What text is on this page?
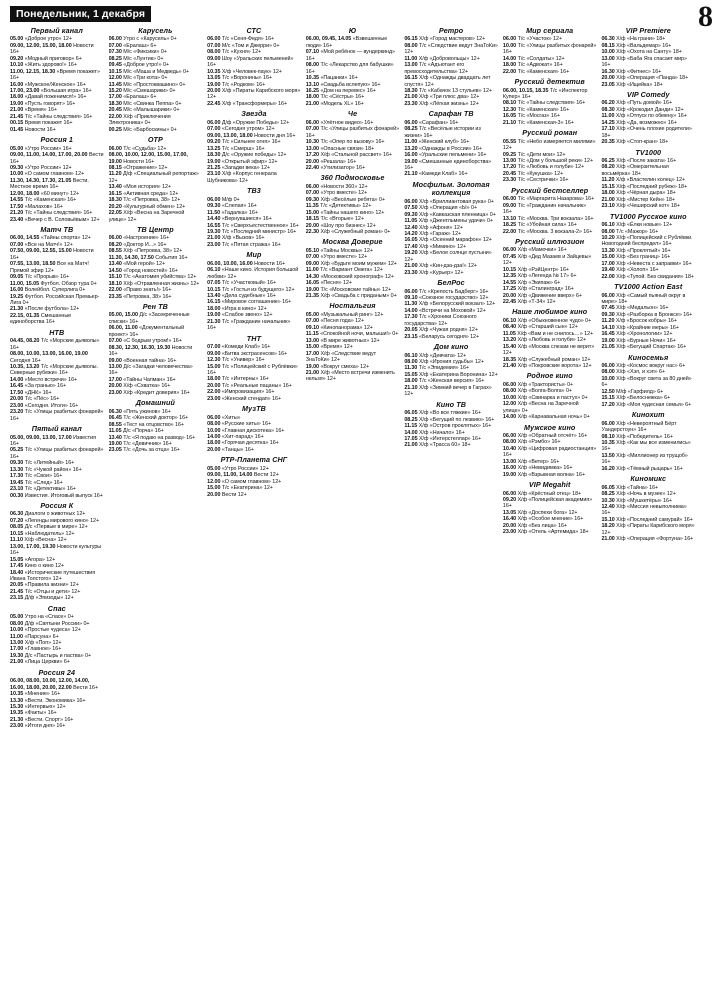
Понедельник, 1 декабря	8
Первый канал
05.00 «Доброе утро» 12+
09.00, 12.00, 15.00, 18.00 Новости 16+
09.20 «Модный приговор» 6+
10.10 «Жить здорово!» 16+
11.00, 12.15, 18.30 «Время покажет» 16+
16.00 «Мужское/Женское» 16+
17.00, 23.00 «Большая игра» 16+
18.00 «Давай поженимся!» 16+
19.00 «Пусть говорят» 16+
21.00 «Время» 16+
21.45 Т/с «Тайны следствия» 16+
00.15 Время покажет 16+
01.45 Новости 16+
Россия 1
05.00 «Утро России» 16+
09.00, 11.00, 14.00, 17.00, 20.00 Вести 16+
09.30 «Утро России» 12+
10.00 «О самом главном» 12+
11.30, 14.30, 17.30, 21.05 Вести. Местное время 16+
12.00, 18.00 «60 минут» 12+
14.55 Т/с «Каменская» 16+
17.50 «Малахов» 16+
21.20 Т/с «Тайны следствия» 16+
23.40 «Вечер с В. Соловьёвым» 12+
Матч ТВ
06.00, 14.55 «Тайны спорта» 12+
07.00 «Все на Матч!» 12+
07.50, 09.00, 12.55, 15.00 Новости 16+
07.55, 13.00, 18.50 Все на Матч! Прямой эфир 12+
09.05 Т/с «Прорыв» 16+
11.00, 15.05 Футбол. Обзор тура 0+
16.00 Волейбол. Суперлига 0+
19.25 Футбол. Российская Премьер-Лига 0+
21.30 «После футбола» 12+
22.15, 01.35 Смешанные единоборства 16+
НТВ
04.45, 08.20 Т/с «Морские дьяволы» 16+
08.00, 10.00, 13.00, 16.00, 19.00 Сегодня 16+
10.35, 13.20 Т/с «Морские дьяволы. Северные рубежи» 16+
14.00 «Место встречи» 16+
16.45 «За гранью» 16+
17.50 «ДНК» 16+
20.00 Т/с «Пёс» 16+
23.00 «Сегодня. Итоги» 16+
23.20 Т/с «Улицы разбитых фонарей» 16+
Пятый канал
05.00, 09.00, 13.00, 17.00 Известия 16+
05.25 Т/с «Улицы разбитых фонарей» 16+
09.30 Т/с «Литейный» 16+
13.30 Т/с «Чужой район» 16+
17.30 Т/с «Свои» 16+
19.45 Т/с «След» 16+
23.10 Т/с «Детективы» 16+
00.30 Известия. Итоговый выпуск 16+
Россия К
06.30 Диалоги о животных 12+
07.20 «Легенды мирового кино» 12+
08.05 Д/с «Первые в мире» 12+
10.15 «Наблюдатель» 12+
11.10 Х/ф «Весна» 12+
13.00, 17.00, 19.30 Новости культуры 16+
15.05 «Агора» 12+
17.45 Кино о кино 12+
18.40 «Исторические путешествия Ивана Толстого» 12+
20.05 «Правила жизни» 12+
21.45 Т/с «Отцы и дети» 12+
23.15 Д/ф «Эпизоды» 12+
Спас
05.00 Утро на «Спасе» 0+
08.00 Д/ф «Святыни России» 0+
10.00 «Простые чудеса» 12+
11.00 «Парсуна» 6+
13.00 Х/ф «Поп» 12+
17.00 «Главное» 16+
19.30 Д/с «Пастырь и паства» 0+
21.00 «Лица Церкви» 6+
Россия 24
06.00, 08.00, 10.00, 12.00, 14.00, 16.00, 18.00, 20.00, 22.00 Вести 16+
10.35 «Мнение» 16+
13.30 «Вести. Экономика» 16+
15.30 «Интервью» 12+
19.35 «Факты» 16+
21.30 «Вести. Спорт» 16+
23.00 «Итоги дня» 16+
Карусель
06.00 Утро с «Карусель» 0+
07.00 «Ералаш» 6+
07.30 М/с «Фиксики» 0+
08.25 М/с «Лунтик» 0+
09.45 «Доброе утро!» 0+
10.15 М/с «Маша и Медведь» 0+
12.00 М/с «Три кота» 0+
13.45 М/с «Простоквашино» 0+
15.20 М/с «Смешарики» 0+
17.00 «Ералаш» 6+
18.30 М/с «Свинка Пеппа» 0+
20.45 М/с «Малышарики» 0+
22.00 Х/ф «Приключения Электроника» 0+
00.25 М/с «Барбоскины» 0+
ОТР
06.00 Т/с «Судьба» 12+
08.00, 10.00, 12.00, 15.00, 17.00, 19.00 Новости 16+
08.15 «Отражение» 12+
11.20 Д/ф «Специальный репортаж» 12+
13.40 «Моя история» 12+
16.15 «Активная среда» 12+
18.30 Т/с «Петровка, 38» 12+
20.20 «Культурный обмен» 12+
22.05 Х/ф «Весна на Заречной улице» 12+
ТВ Центр
06.00 «Настроение» 16+
08.20 «Доктор И...» 16+
08.55 Х/ф «Петровка, 38» 12+
11.30, 14.30, 17.50 События 16+
13.40 «Мой герой» 12+
14.50 «Город новостей» 16+
15.10 Т/с «Анатомия убийства» 12+
18.10 Х/ф «Отравленная жизнь» 12+
22.00 «Право знать!» 16+
23.35 «Петровка, 38» 16+
Рен ТВ
05.00, 15.00 Д/с «Засекреченные списки» 16+
06.00, 11.00 «Документальный проект» 16+
07.00 «С бодрым утром!» 16+
08.30, 12.30, 16.30, 19.30 Новости 16+
09.00 «Военная тайна» 16+
13.00 Д/с «Загадки человечества» 16+
17.00 «Тайны Чапман» 16+
20.00 Х/ф «Схватка» 16+
23.00 Х/ф «Кредит доверия» 16+
Домашний
06.30 «Пять ужинов» 16+
06.45 Т/с «Женский доктор» 16+
08.55 «Тест на отцовство» 16+
11.05 Д/с «Порча» 16+
13.40 Т/с «Я подаю на развод» 16+
19.00 Т/с «Девичник» 16+
23.05 Т/с «Дочь за отца» 16+
СТС
06.00 Т/с «Сеня-Федя» 16+
07.00 М/с «Том и Джерри» 0+
08.00 Т/с «Кухня» 12+
09.00 Шоу «Уральских пельменей» 16+
10.35 Х/ф «Человек-паук» 12+
13.05 Т/с «Воронины» 16+
19.00 Т/с «Родком» 16+
20.00 Х/ф «Пираты Карибского моря» 12+
22.45 Х/ф «Трансформеры» 16+
Звезда
06.00 Д/ф «Оружие Победы» 12+
07.00 «Сегодня утром» 12+
09.00, 13.00, 18.00 Новости дня 16+
09.20 Т/с «Сильнее огня» 16+
13.25 Т/с «Смерш» 16+
18.30 Д/с «Оружие победы» 12+
19.00 «Открытый эфир» 12+
21.25 «Загадки века» 12+
23.10 Х/ф «Корпус генерала Шубникова» 12+
ТВ3
06.00 М/ф 0+
09.30 «Слепая» 16+
11.50 «Гадалка» 16+
14.40 «Вернувшиеся» 16+
16.55 Т/с «Сверхъестественное» 16+
19.30 Т/с «Последний министр» 16+
21.00 Х/ф «Вызов» 16+
23.00 Т/с «Пятая стража» 16+
Мир
06.00, 10.00, 16.00 Новости 16+
06.10 «Наше кино. История большой любви» 12+
07.05 Т/с «Участковый» 16+
10.15 Т/с «Гостья из будущего» 12+
13.40 «Дела судебные» 16+
16.15 «Мировое соглашение» 16+
18.00 «Игра в кино» 12+
19.00 «Слабое звено» 12+
21.30 Т/с «Гражданин начальник» 16+
ТНТ
07.00 «Комеди Клаб» 16+
09.00 «Битва экстрасенсов» 16+
12.30 Т/с «Универ» 16+
15.00 Т/с «Полицейский с Рублёвки» 16+
18.00 Т/с «Интерны» 16+
20.00 Т/с «Реальные пацаны» 16+
22.00 «Импровизация» 16+
23.00 «Женский стендап» 16+
МузТВ
06.00 «Хиты»
08.00 «Русские хиты» 16+
10.00 «Главная дискотека» 16+
14.00 «Хит-парад» 16+
18.00 «Горячая десятка» 16+
20.00 «Танцы» 16+
РТР-Планета СНГ
05.00 «Утро России» 12+
09.00, 11.00, 14.00 Вести 12+
12.00 «О самом главном» 12+
15.00 Т/с «Екатерина» 12+
20.00 Вести 12+
Ю
06.00, 09.45, 14.05 «Взвешенные люди» 16+
07.10 «Мой ребёнок — вундеркинд» 16+
08.00 Т/с «Лекарство для бабушки» 16+
10.35 «Пацанки» 16+
13.10 «Свадьба вслепую» 16+
16.25 «Дом на перевес» 16+
18.00 Т/с «Сёстры» 16+
21.00 «Модель XL» 16+
Че
06.00 «Улётное видео» 16+
07.00 Т/с «Улицы разбитых фонарей» 16+
10.30 Т/с «Опер по вызову» 16+
13.00 «Опасные связи» 18+
17.20 Х/ф «Стальной рассвет» 16+
20.00 «Решала» 16+
22.40 «Утилизатор» 16+
360 Подмосковье
06.00 «Новости 360» 12+
07.00 «Утро вместе» 12+
09.30 Х/ф «Весёлые ребята» 0+
11.35 Т/с «Детективы» 12+
15.00 «Тайны нашего кино» 12+
18.15 Т/с «Вторые» 12+
20.00 «Шоу про бизнес» 12+
22.30 Х/ф «Служебный роман» 0+
Москва Доверие
05.10 «Тайны Москвы» 12+
07.00 «Утро вместе» 12+
09.00 Х/ф «Будьте моим мужем» 12+
11.00 Т/с «Вариант Омега» 12+
14.30 «Московский хронограф» 12+
16.05 «Песня» 12+
19.00 Т/с «Московские тайны» 12+
21.35 Х/ф «Свадьба с приданым» 0+
Ностальгия
05.00 «Музыкальный ринг» 12+
07.00 «Песня года» 12+
09.10 «Кинопанорама» 12+
11.15 «Спокойной ночи, малыши!» 0+
13.00 «В мире животных» 12+
15.00 «Время» 12+
17.00 Х/ф «Следствие ведут ЗнаТоКи» 12+
19.00 «Вокруг смеха» 12+
21.00 Х/ф «Место встречи изменить нельзя» 12+
Ретро
06.15 Х/ф «Город мастеров» 12+
08.00 Т/с «Следствие ведут ЗнаТоКи» 12+
11.00 Х/ф «Добровольцы» 12+
13.00 Т/с «Адъютант его превосходительства» 12+
16.15 Х/ф «Однажды двадцать лет спустя» 12+
18.30 Т/с «Кабачок 13 стульев» 12+
21.00 Х/ф «Три плюс два» 12+
23.30 Х/ф «Лёгкая жизнь» 12+
Сарафан ТВ
06.00 «Сарафан» 16+
08.25 Т/с «Весёлые истории из жизни» 16+
11.00 «Женский клуб» 16+
13.20 «Однажды в России» 16+
16.00 «Уральские пельмени» 16+
19.00 «Смешанные единоборства» 16+
21.10 «Камеди Клаб» 16+
Мосфильм. Золотая коллекция
06.00 Х/ф «Бриллиантовая рука» 0+
07.50 Х/ф «Операция «Ы» 0+
09.30 Х/ф «Кавказская пленница» 0+
11.05 Х/ф «Джентльмены удачи» 0+
12.40 Х/ф «Афоня» 12+
14.20 Х/ф «Гараж» 12+
16.05 Х/ф «Осенний марафон» 12+
17.40 Х/ф «Мимино» 12+
19.20 Х/ф «Белое солнце пустыни» 12+
21.00 Х/ф «Кин-дза-дза!» 12+
23.30 Х/ф «Курьер» 12+
БелРос
06.00 Т/с «Крепость Бадберг» 16+
09.10 «Союзное государство» 12+
11.30 Х/ф «Белорусский вокзал» 12+
14.00 «Встречи на Моховой» 12+
17.30 Т/с «Хроники Союзного государства» 12+
20.05 Х/ф «Чужая родня» 12+
23.15 «Беларусь сегодня» 12+
Дом кино
06.10 Х/ф «Девчата» 12+
08.00 Х/ф «Ирония судьбы» 12+
11.30 Т/с «Эпидемия» 16+
15.05 Х/ф «Екатерина Воронина» 12+
18.00 Т/с «Женская версия» 16+
21.10 Х/ф «Зимний вечер в Гаграх» 12+
Кино ТВ
06.05 Х/ф «Во все тяжкие» 16+
08.25 Х/ф «Бегущий по лезвию» 16+
11.15 Х/ф «Остров проклятых» 16+
14.00 Х/ф «Начало» 16+
17.05 Х/ф «Интерстеллар» 16+
21.00 Х/ф «Трасса 60» 18+
Мир сериала
06.00 Т/с «Участок» 12+
10.00 Т/с «Улицы разбитых фонарей» 16+
14.00 Т/с «Солдаты» 12+
18.00 Т/с «Адвокат» 16+
22.00 Т/с «Каменская» 16+
Русский детектив
06.00, 10.15, 18.35 Т/с «Инспектор Купер» 16+
08.10 Т/с «Тайны следствия» 16+
12.30 Т/с «Каменская» 16+
16.05 Т/с «Мосгаз» 16+
21.10 Т/с «Каменская-3» 16+
Русский роман
05.55 Т/с «Небо измеряется милями» 12+
09.25 Т/с «Дети мои» 12+
13.00 Т/с «Дом у большой реки» 12+
17.20 Т/с «Любовь и голуби» 12+
20.45 Т/с «Кукушка» 12+
23.30 Т/с «Сестрички» 16+
Русский бестселлер
06.00 Т/с «Маргарита Назарова» 16+
09.00 Т/с «Гражданин начальник» 16+
13.10 Т/с «Москва. Три вокзала» 16+
18.25 Т/с «Убойная сила» 16+
22.00 Т/с «Москва. 3 вокзала-2» 16+
Русский иллюзион
06.00 Х/ф «Мамочки» 16+
07.45 Х/ф «Дед Мазаев и Зайцевы» 12+
10.15 Х/ф «РэйЦентр» 16+
12.35 Х/ф «Легенда № 17» 6+
14.55 Х/ф «Экипаж» 6+
17.25 Х/ф «Сталинград» 16+
20.00 Х/ф «Движение вверх» 6+
22.45 Х/ф «Т-34» 12+
Наше любимое кино
06.10 Х/ф «Обыкновенное чудо» 0+
08.40 Х/ф «Старший сын» 12+
11.05 Х/ф «Вам и не снилось…» 12+
13.20 Х/ф «Любовь и голуби» 12+
15.40 Х/ф «Москва слезам не верит» 12+
18.35 Х/ф «Служебный роман» 12+
21.40 Х/ф «Покровские ворота» 12+
Родное кино
06.00 Х/ф «Трактористы» 0+
08.00 Х/ф «Волга-Волга» 0+
10.00 Х/ф «Свинарка и пастух» 0+
12.00 Х/ф «Весна на Заречной улице» 0+
14.00 Х/ф «Карнавальная ночь» 0+
Мужское кино
06.00 Х/ф «Обратный отсчёт» 16+
08.00 Х/ф «Рэмбо» 16+
10.40 Х/ф «Цифровая радиостанция» 16+
13.00 Х/ф «Ветер» 16+
16.00 Х/ф «Невидимка» 16+
19.00 Х/ф «Взрывная волна» 16+
VIP Megahit
06.00 Х/ф «Крёстный отец» 18+
09.20 Х/ф «Полицейская академия» 16+
13.05 Х/ф «Доспехи бога» 12+
16.40 Х/ф «Особое мнение» 16+
20.00 Х/ф «Без лица» 16+
23.00 Х/ф «Отель «Артемида» 18+
VIP Premiere
06.30 Х/ф «На грани» 18+
08.15 Х/ф «Вальдемар» 16+
10.00 Х/ф «Охота на Санту» 18+
13.00 Х/ф «Баба Яга спасает мир» 16+
16.30 Х/ф «Фитнес» 16+
20.00 Х/ф «Операция «Панда» 18+
23.05 Х/ф «Ищейка» 18+
VIP Comedy
06.20 Х/ф «Путь домой» 16+
08.30 Х/ф «Крокодил Данди» 12+
11.00 Х/ф «Отпуск по обмену» 16+
14.25 Х/ф «Да, возможно» 16+
17.10 Х/ф «Очень плохие родители» 18+
20.35 Х/ф «Стоп-кран» 18+
TV1000
06.25 Х/ф «После заката» 16+
08.20 Х/ф «Омерзительная восьмёрка» 18+
11.20 Х/ф «Властелин колец» 12+
15.15 Х/ф «Последний рубеж» 18+
18.00 Х/ф «Чёрная дыра» 18+
21.00 Х/ф «Мистер Кейн» 18+
23.10 Х/ф «Чеширский кот» 18+
TV1000 Русское кино
06.10 Х/ф «Ёлки новые» 12+
08.00 Т/с «Мажор» 16+
10.20 Х/ф «Полицейский с Рублёвки. Новогодний беспредел» 16+
13.30 Х/ф «Проклятый» 16+
15.00 Х/ф «Без границ» 16+
17.00 Х/ф «Невеста с заправки» 16+
19.40 Х/ф «Холоп» 16+
22.00 Х/ф «Тупой. Без свидания» 18+
TV1000 Action East
06.00 Х/ф «Самый пьяный округ в мире» 18+
07.45 Х/ф «Медальон» 16+
09.30 Х/ф «Разборка в Бронксе» 16+
11.20 Х/ф «Бросок кобры» 16+
14.10 Х/ф «Крайние меры» 16+
16.45 Х/ф «Хронологии» 12+
19.00 Х/ф «Бурные Ночи» 16+
21.05 Х/ф «Бегущий Спартак» 16+
Киносемья
06.00 Х/ф «Космос вокруг нас» 6+
08.00 Х/ф «Хэп, и хэп» 6+
10.00 Х/ф «Вокруг света за 80 дней» 6+
12.50 М/ф «Гарфилд» 6+
15.15 Х/ф «Белоснежка» 6+
17.20 Х/ф «Моя чудесная семья» 6+
Кинохит
06.00 Х/ф «Невероятный Бёрт Уандерстоун» 16+
08.10 Х/ф «Победитель» 16+
10.35 Х/ф «Как мы все изменились» 16+
13.50 Х/ф «Миллионер из трущоб» 16+
16.20 Х/ф «Тёмный рыцарь» 16+
Киномикс
06.05 Х/ф «Тайна» 16+
08.25 Х/ф «Ночь в музее» 12+
10.30 Х/ф «Мушкетёры» 16+
12.40 Х/ф «Миссия невыполнима» 16+
15.10 Х/ф «Последний самурай» 16+
18.20 Х/ф «Пираты Карибского моря» 12+
21.00 Х/ф «Операция «Фортуна» 16+
